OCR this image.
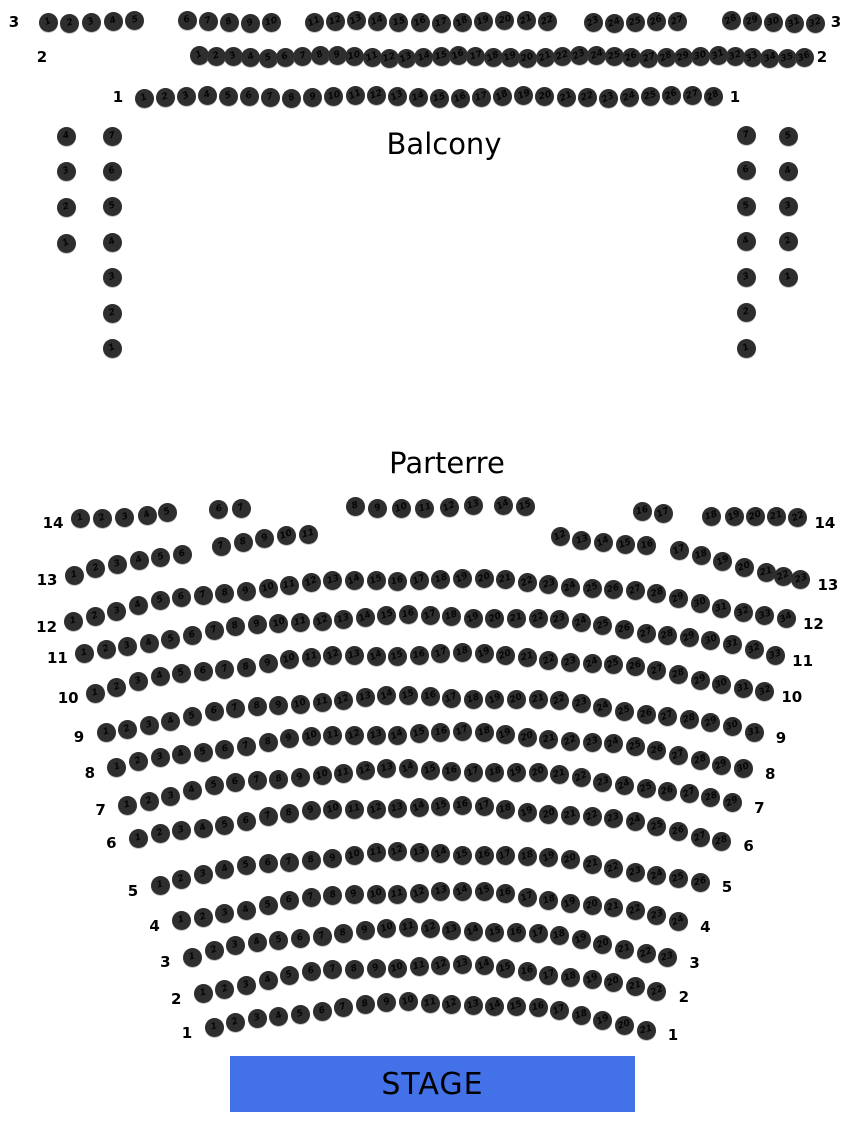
Balcony
Parterre
3	3
1 2 3 4 5	6 7 8 9 10	11 12 13 14 15 16 17 18 19 20 21 22	23 24 25 26 27	28 29 30 31 32
2	2
1 2 3 4 5 6 7 8 9 10 11 12 13 14 15 16 17 18 19 20 21 22 23 24 25 26 27 28 29 30 31 32 33 34 35 36
1	1
1 2 3 4 5 6 7 8 9 10 11 12 13 14 15 16 17 18 19 20 21 22 23 24 25 26 27 28
4
3
2
1
7
6
5
4
3
2
1
7
6
5
4
3
2
1
5
4
3
2
1
1 2 3 4 5	6 7	8 9 10 11 12 13 14 15	16 17	18 19 20 21 22
14	14
1
2 3 4 5 6
7 8 9 10 11	12 13 14 15 16 17 18 19 20 21 22 23
13	13
1 2 3 4 5 6 7 8 9 10 11 12 13 14 15 16 17 18 19 20 21 22 23 24 25 26 27 28 29 30 31 32 33 34
12	12
1 2 3 4 5 6 7 8 9 10 11 12 13 14 15 16 17 18 19 20 21 22 23 24 25 26 27 28 29 30 31 32 33
11	11
1
2
3 4 5 6 7 8 9 10 11 12 13 14 15 16 17 18 19 20 21 22 23 24 25 26 27 28 29 30 31 32
10	10
1 2 3 4 5 6 7 8 9 10 11 12 13 14 15 16 17 18 19 20 21 22 23 24 25 26 27 28 29 30 31
9	9
1
2 3 4 5 6 7 8 9 10 11 12 13 14 15 16 17 18 19 20 21 22 23 24 25 26 27 28 29 30
8	8
1 2 3 4 5 6 7 8 9 10 11 12 13 14 15 16 17 18 19 20 21 22 23 24 25 26 27 28 29
7	7
1 2 3 4 5 6 7 8 9 10 11 12 13 14 15 16 17 18 19 20 21 22 23 24 25 26 27 28
6	6
1 2
3 4 5 6 7 8 9 10 11 12 13 14 15 16 17 18 19 20 21 22 23 24 25 26
5	5
1 2 3 4 5 6 7 8 9 10 11 12 13 14 15 16 17 18 19 20 21 22 23 24
4	4
1
2 3 4 5 6 7 8 9 10 11 12 13 14 15 16 17 18 19 20 21 22 23
3	3
1 2 3 4 5 6 7 8 9 10 11 12 13 14 15 16 17 18 19 20 21 22
2	2
1 2 3 4 5 6 7 8 9 10 11 12 13 14 15 16 17 18 19 20 21
1	1
STAGE
